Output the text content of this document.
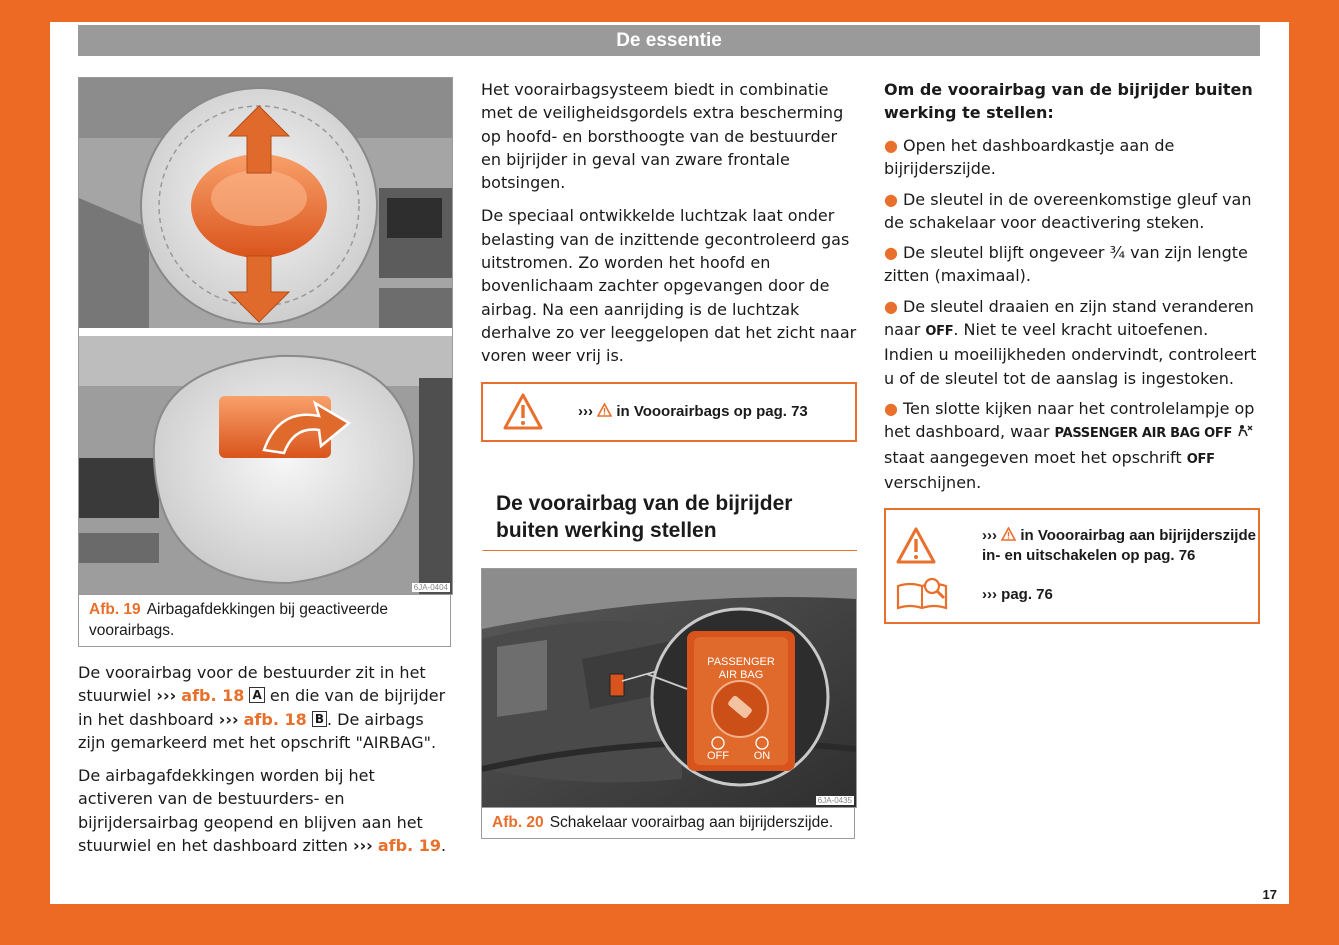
De essentie
6JA-0404
Afb. 19 Airbagafdekkingen bij geactiveerde voorairbags.

De voorairbag voor de bestuurder zit in het stuurwiel ››› afb. 18 A en die van de bijrijder in het dashboard ››› afb. 18 B . De airbags zijn gemarkeerd met het opschrift "AIRBAG".

De airbagafdekkingen worden bij het activeren van de bestuurders- en bijrijdersairbag geopend en blijven aan het stuurwiel en het dashboard zitten ››› afb. 19.

Het voorairbagsysteem biedt in combinatie met de veiligheidsgordels extra bescherming op hoofd- en borsthoogte van de bestuurder en bijrijder in geval van zware frontale botsingen.

De speciaal ontwikkelde luchtzak laat onder belasting van de inzittende gecontroleerd gas uitstromen. Zo worden het hoofd en bovenlichaam zachter opgevangen door de airbag. Na een aanrijding is de luchtzak derhalve zo ver leeggelopen dat het zicht naar voren weer vrij is.

››› in Vooorairbags op pag. 73
De voorairbag van de bijrijder buiten werking stellen
PASSENGER
AIR BAG
OFF ON
6JA-0435
Afb. 20 Schakelaar voorairbag aan bijrijderszijde.

Om de voorairbag van de bijrijder buiten werking te stellen:

● Open het dashboardkastje aan de bijrijderszijde.

● De sleutel in de overeenkomstige gleuf van de schakelaar voor deactivering steken.

● De sleutel blijft ongeveer ¾ van zijn lengte zitten (maximaal).

● De sleutel draaien en zijn stand veranderen naar OFF. Niet te veel kracht uitoefenen. Indien u moeilijkheden ondervindt, controleert u of de sleutel tot de aanslag is ingestoken.

● Ten slotte kijken naar het controlelampje op het dashboard, waar PASSENGER AIR BAG OFF  staat aangegeven moet het opschrift OFF verschijnen.

››› in Vooorairbag aan bijrijderszijde in- en uitschakelen op pag. 76
››› pag. 76
17
